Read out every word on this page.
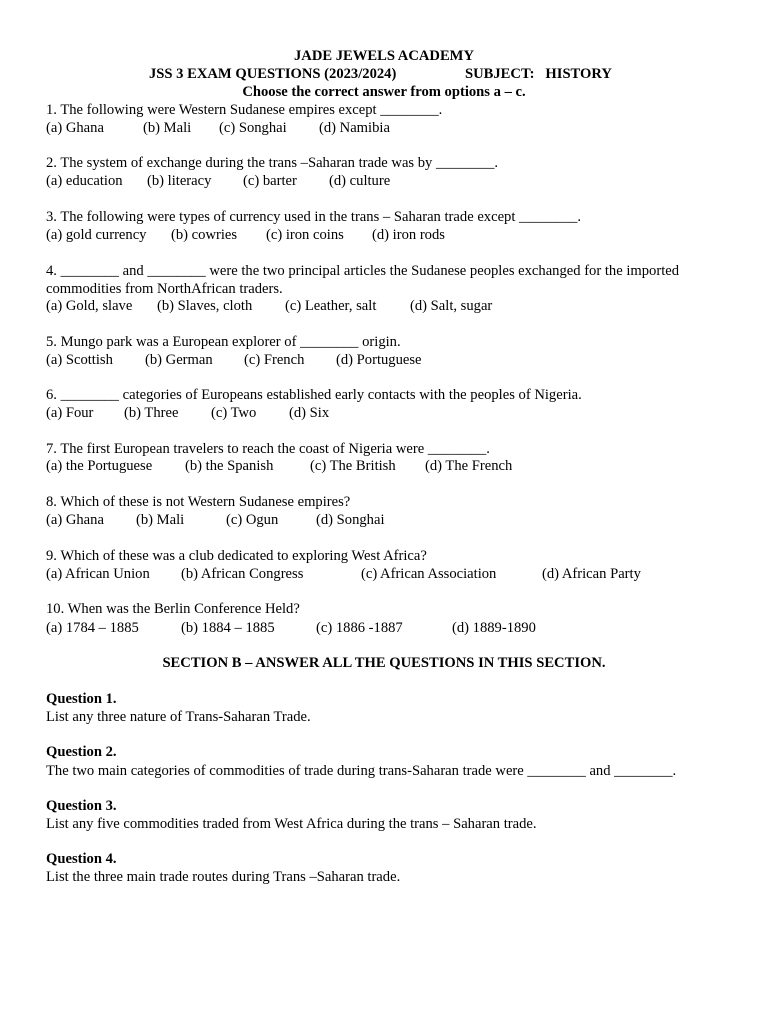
JADE JEWELS ACADEMY
JSS 3 EXAM QUESTIONS (2023/2024)	SUBJECT:   HISTORY
Choose the correct answer from options a – c.
1. The following were Western Sudanese empires except ________.
(a) Ghana	(b) Mali (c) Songhai (d) Namibia
2. The system of exchange during the trans –Saharan trade was by ________.
(a) education (b) literacy (c) barter (d) culture
3. The following were types of currency used in the trans – Saharan trade except ________.
(a) gold currency (b) cowries (c) iron coins (d) iron rods
4. ________ and ________ were the two principal articles the Sudanese peoples exchanged for the imported
commodities from NorthAfrican traders.
(a) Gold, slave (b) Slaves, cloth (c) Leather, salt (d) Salt, sugar
5. Mungo park was a European explorer of ________ origin.
(a) Scottish (b) German (c) French (d) Portuguese
6. ________ categories of Europeans established early contacts with the peoples of Nigeria.
(a) Four (b) Three (c) Two (d) Six
7. The first European travelers to reach the coast of Nigeria were ________.
(a) the Portuguese (b) the Spanish	(c) The British (d) The French
8. Which of these is not Western Sudanese empires?
(a) Ghana (b) Mali	(c) Ogun	(d) Songhai
9. Which of these was a club dedicated to exploring West Africa?
(a) African Union (b) African Congress	(c) African Association	(d) African Party
10. When was the Berlin Conference Held?
(a) 1784 – 1885	(b) 1884 – 1885	(c) 1886 -1887	(d) 1889-1890
SECTION B – ANSWER ALL THE QUESTIONS IN THIS SECTION.
Question 1.
List any three nature of Trans-Saharan Trade.
Question 2.
The two main categories of commodities of trade during trans-Saharan trade were ________ and ________.
Question 3.
List any five commodities traded from West Africa during the trans – Saharan trade.
Question 4.
List the three main trade routes during Trans –Saharan trade.
